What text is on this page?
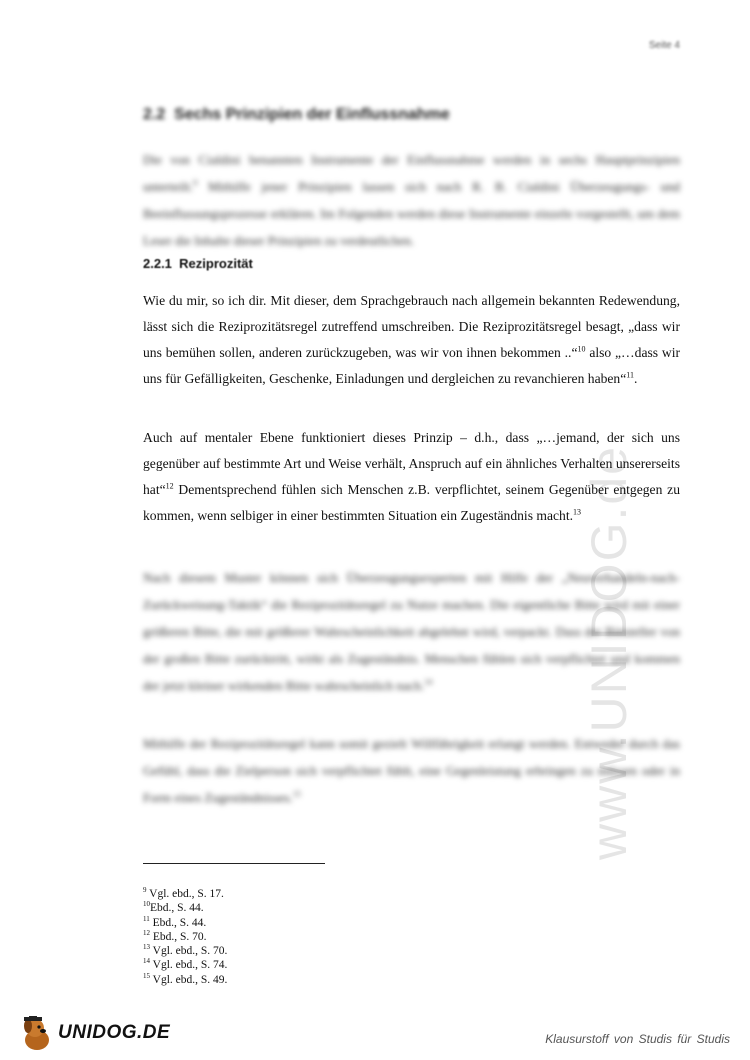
Seite 4
2.2 Sechs Prinzipien der Einflussnahme

Die von Cialdini benannten Instrumente der Einflussnahme werden in sechs Hauptprinzipien unterteilt.$^9$ Mithilfe jener Prinzipien lassen sich nach R. B. Cialdini Überzeugungs- und Beeinflussungsprozesse erklären. Im Folgenden werden diese Instrumente einzeln vorgestellt, um dem Leser die Inhalte dieser Prinzipien zu verdeutlichen.

2.2.1 Reziprozität

Wie du mir, so ich dir. Mit dieser, dem Sprachgebrauch nach allgemein bekannten Redewendung, lässt sich die Reziprozitätsregel zutreffend umschreiben. Die Reziprozitätsregel besagt, „dass wir uns bemühen sollen, anderen zurückzugeben, was wir von ihnen bekommen ..“$^{10}$ also „…dass wir uns für Gefälligkeiten, Geschenke, Einladungen und dergleichen zu revanchieren haben“$^{11}$.

Auch auf mentaler Ebene funktioniert dieses Prinzip – d.h., dass „…jemand, der sich uns gegenüber auf bestimmte Art und Weise verhält, Anspruch auf ein ähnliches Verhalten unsererseits hat“$^{12}$ Dementsprechend fühlen sich Menschen z.B. verpflichtet, seinem Gegenüber entgegen zu kommen, wenn selbiger in einer bestimmten Situation ein Zugeständnis macht.$^{13}$

Nach diesem Muster können sich Überzeugungsexperten mit Hilfe der „Neuverhandeln-nach-Zurückweisung-Taktik“ die Reziprozitätsregel zu Nutze machen. Die eigentliche Bitte wird mit einer größeren Bitte, die mit größerer Wahrscheinlichkeit abgelehnt wird, verpackt. Dass der Bittsteller von der großen Bitte zurücktritt, wirkt als Zugeständnis. Menschen fühlen sich verpflichtet und kommen der jetzt kleiner wirkenden Bitte wahrscheinlich nach.$^{14}$

Mithilfe der Reziprozitätsregel kann somit gezielt Willfährigkeit erlangt werden. Entweder durch das Gefühl, dass die Zielperson sich verpflichtet fühlt, eine Gegenleistung erbringen zu müssen oder in Form eines Zugeständnisses.$^{15}$

$^9$ Vgl. ebd., S. 17.
$^{10}$Ebd., S. 44.
$^{11}$ Ebd., S. 44.
$^{12}$ Ebd., S. 70.
$^{13}$ Vgl. ebd., S. 70.
$^{14}$ Vgl. ebd., S. 74.
$^{15}$ Vgl. ebd., S. 49.
www.UNIDOG.de
UNIDOG.DE	Klausurstoff von Studis für Studis
